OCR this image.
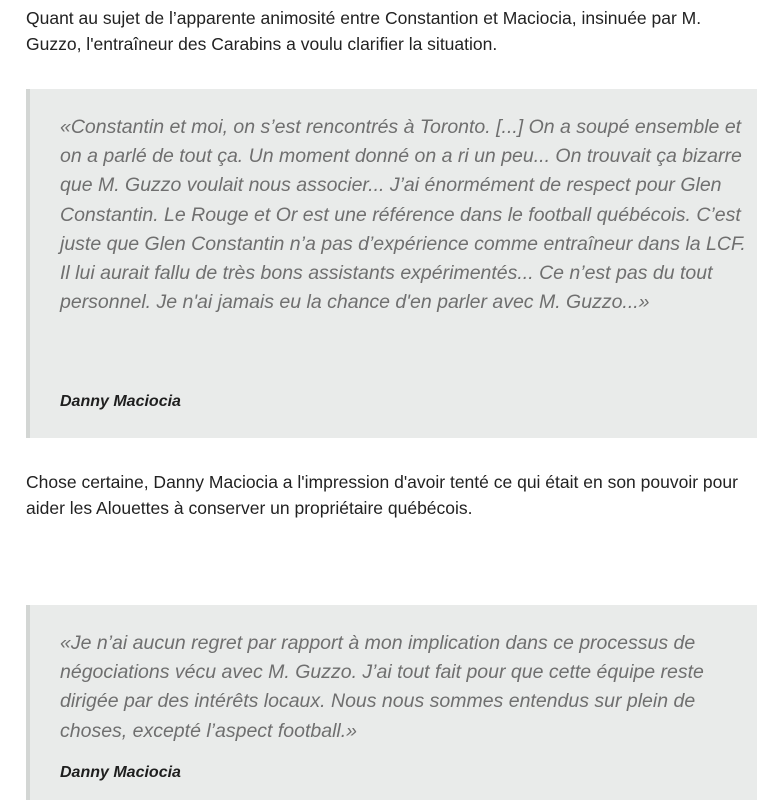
Quant au sujet de l’apparente animosité entre Constantion et Maciocia, insinuée par M. Guzzo, l'entraîneur des Carabins a voulu clarifier la situation.

«Constantin et moi, on s’est rencontrés à Toronto. [...] On a soupé ensemble et on a parlé de tout ça. Un moment donné on a ri un peu... On trouvait ça bizarre que M. Guzzo voulait nous associer... J’ai énormément de respect pour Glen Constantin. Le Rouge et Or est une référence dans le football québécois. C’est juste que Glen Constantin n’a pas d’expérience comme entraîneur dans la LCF. Il lui aurait fallu de très bons assistants expérimentés... Ce n’est pas du tout personnel. Je n'ai jamais eu la chance d'en parler avec M. Guzzo...»

Danny Maciocia

Chose certaine, Danny Maciocia a l'impression d'avoir tenté ce qui était en son pouvoir pour aider les Alouettes à conserver un propriétaire québécois.

«Je n’ai aucun regret par rapport à mon implication dans ce processus de négociations vécu avec M. Guzzo. J’ai tout fait pour que cette équipe reste dirigée par des intérêts locaux. Nous nous sommes entendus sur plein de choses, excepté l’aspect football.»

Danny Maciocia
